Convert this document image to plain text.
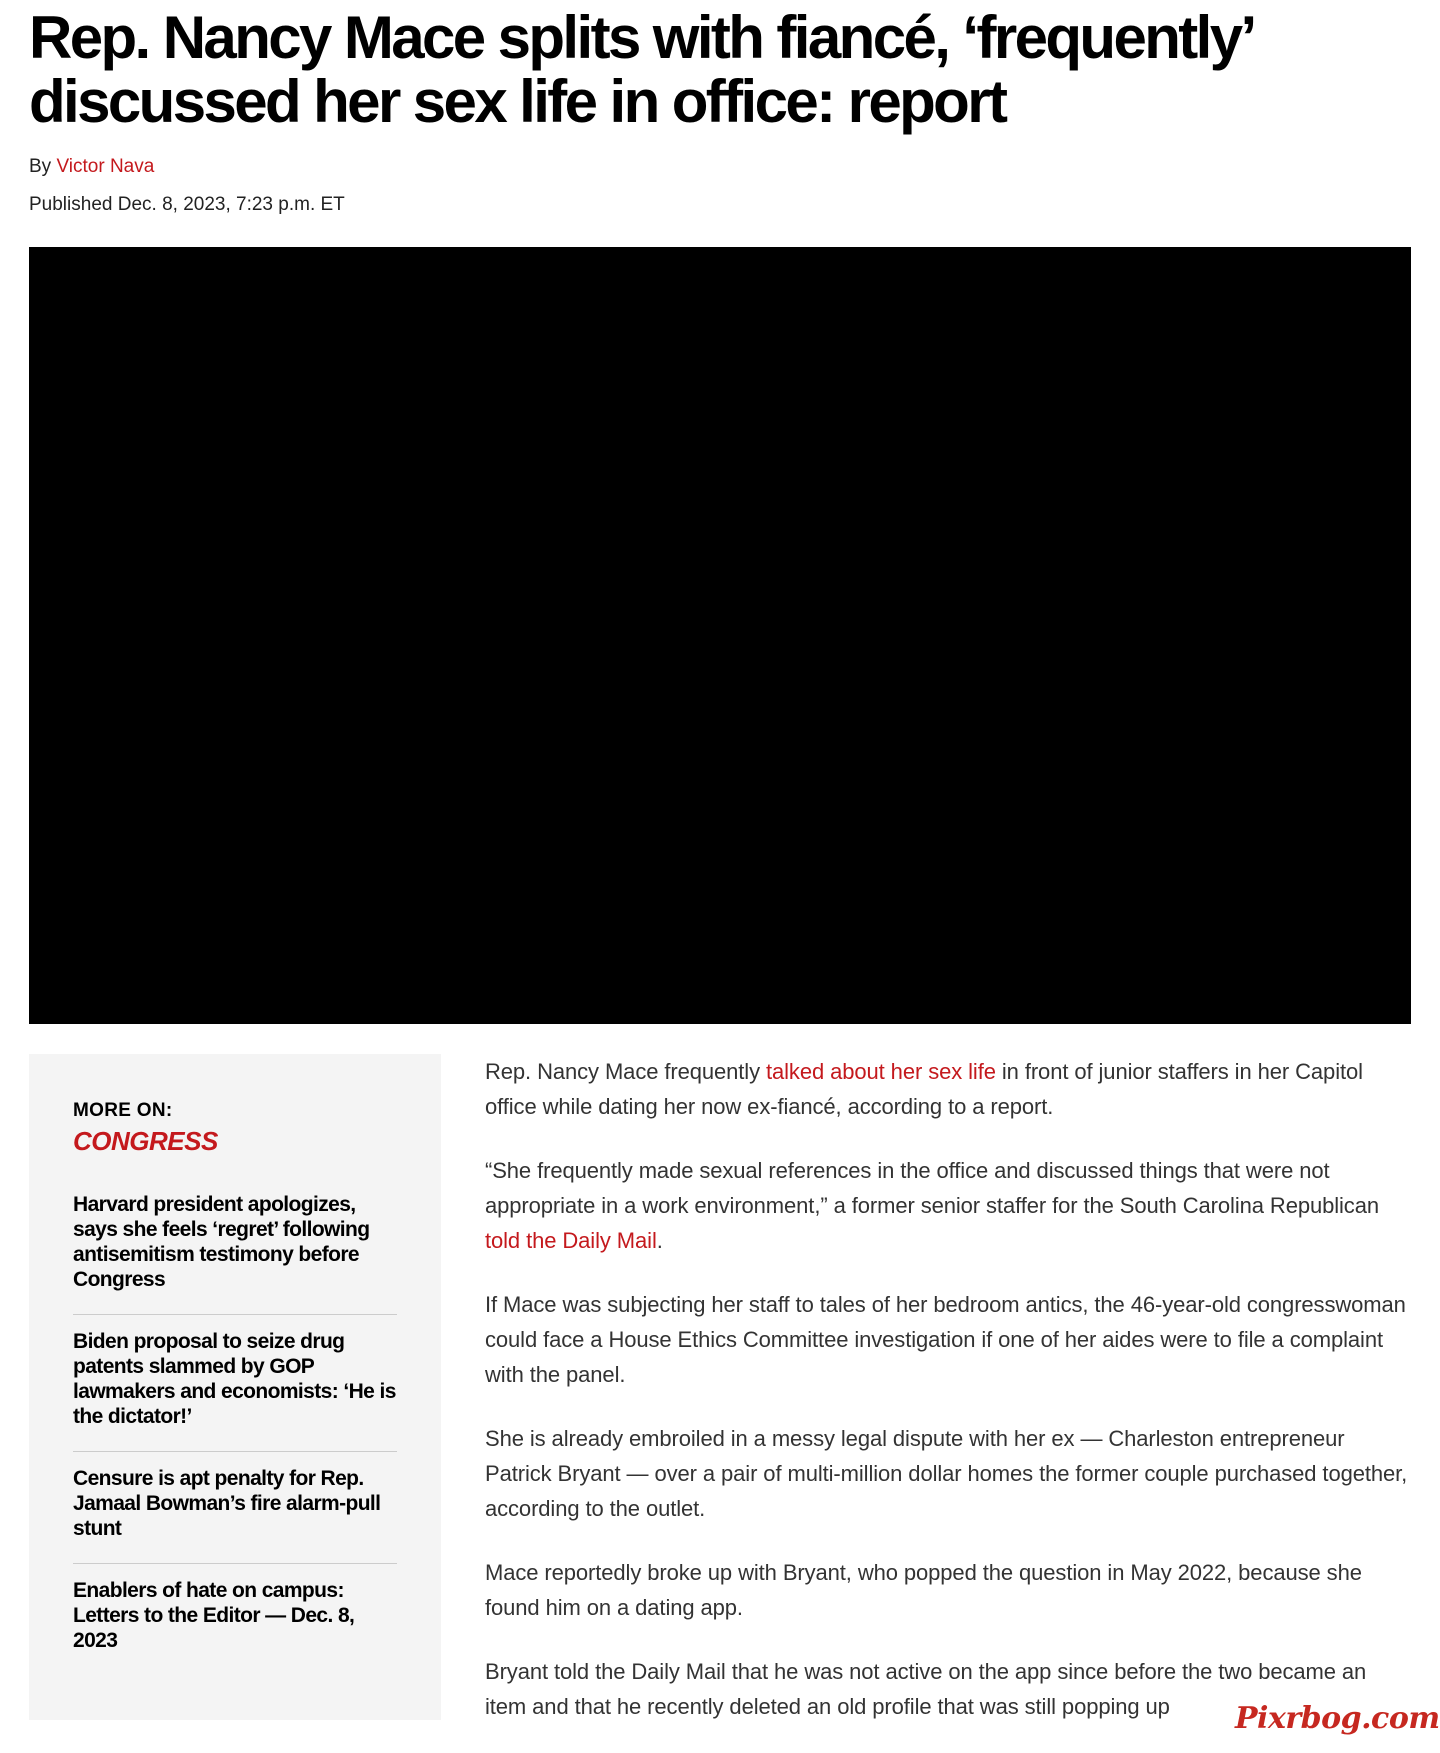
Rep. Nancy Mace splits with fiancé, ‘frequently’ discussed her sex life in office: report
By Victor Nava
Published Dec. 8, 2023, 7:23 p.m. ET
MORE ON:
CONGRESS
Harvard president apologizes, says she feels ‘regret’ following antisemitism testimony before Congress
Biden proposal to seize drug patents slammed by GOP lawmakers and economists: ‘He is the dictator!’
Censure is apt penalty for Rep. Jamaal Bowman’s fire alarm-pull stunt
Enablers of hate on campus: Letters to the Editor — Dec. 8, 2023

Rep. Nancy Mace frequently talked about her sex life in front of junior staffers in her Capitol office while dating her now ex-fiancé, according to a report.

“She frequently made sexual references in the office and discussed things that were not appropriate in a work environment,” a former senior staffer for the South Carolina Republican told the Daily Mail.

If Mace was subjecting her staff to tales of her bedroom antics, the 46-year-old congresswoman could face a House Ethics Committee investigation if one of her aides were to file a complaint with the panel.

She is already embroiled in a messy legal dispute with her ex — Charleston entrepreneur Patrick Bryant — over a pair of multi-million dollar homes the former couple purchased together, according to the outlet.

Mace reportedly broke up with Bryant, who popped the question in May 2022, because she found him on a dating app.

Bryant told the Daily Mail that he was not active on the app since before the two became an item and that he recently deleted an old profile that was still popping up	Pixrbog.com
